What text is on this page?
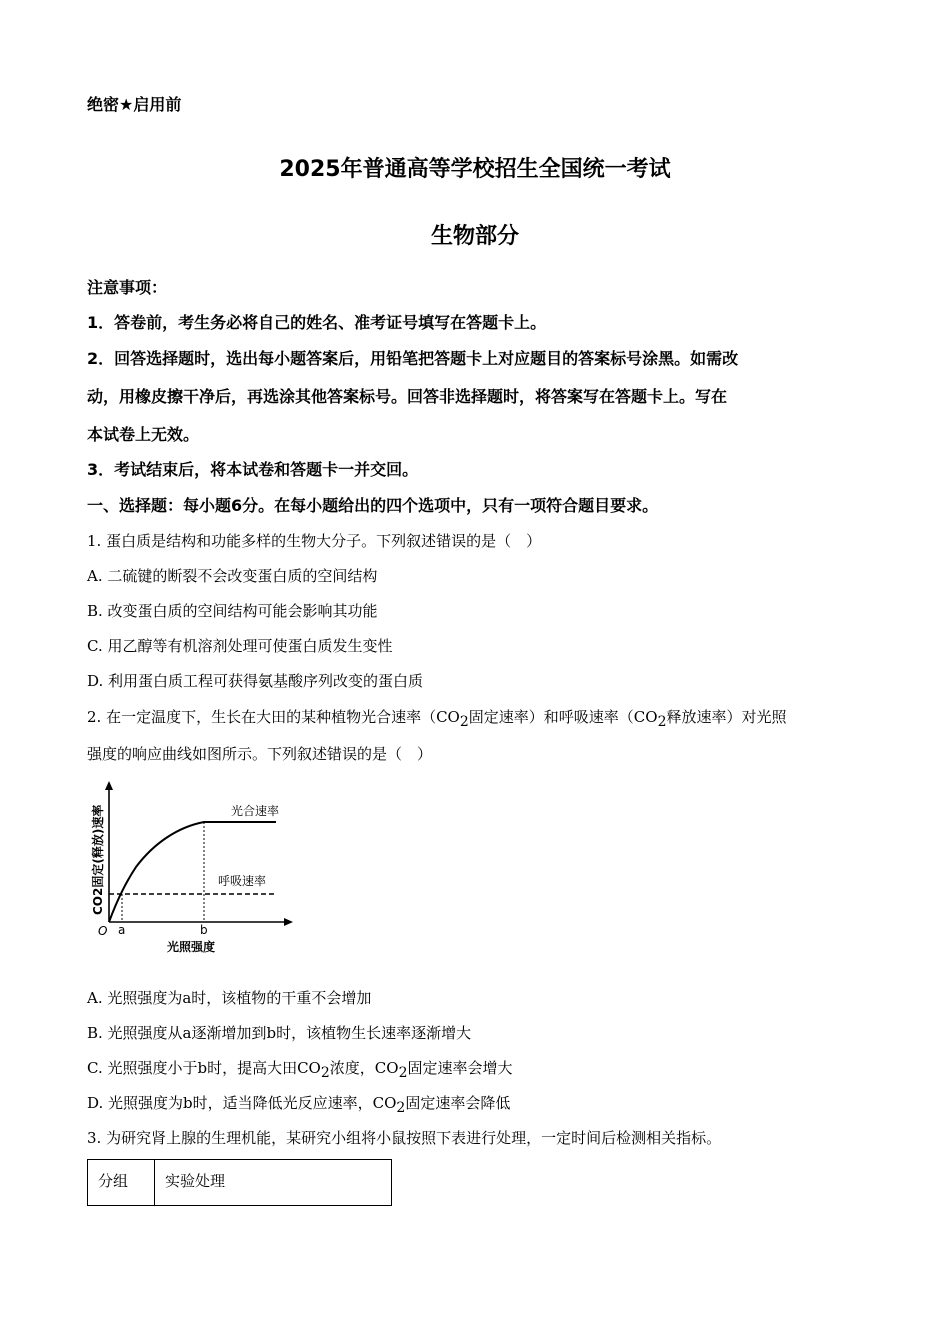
绝密★启用前
2025年普通高等学校招生全国统一考试
生物部分
注意事项：
1．答卷前，考生务必将自己的姓名、准考证号填写在答题卡上。
2．回答选择题时，选出每小题答案后，用铅笔把答题卡上对应题目的答案标号涂黑。如需改
动，用橡皮擦干净后，再选涂其他答案标号。回答非选择题时，将答案写在答题卡上。写在
本试卷上无效。
3．考试结束后，将本试卷和答题卡一并交回。
一、选择题：每小题6分。在每小题给出的四个选项中，只有一项符合题目要求。
1. 蛋白质是结构和功能多样的生物大分子。下列叙述错误的是（　）
A. 二硫键的断裂不会改变蛋白质的空间结构
B. 改变蛋白质的空间结构可能会影响其功能
C. 用乙醇等有机溶剂处理可使蛋白质发生变性
D. 利用蛋白质工程可获得氨基酸序列改变的蛋白质
2. 在一定温度下，生长在大田的某种植物光合速率（$CO_2$固定速率）和呼吸速率（$CO_2$释放速率）对光照
强度的响应曲线如图所示。下列叙述错误的是（　）
光合速率
呼吸速率
O a	b
光照强度
CO2固定(释放)速率
A. 光照强度为a时，该植物的干重不会增加
B. 光照强度从a逐渐增加到b时，该植物生长速率逐渐增大
C. 光照强度小于b时，提高大田$CO_2$浓度，$CO_2$固定速率会增大
D. 光照强度为b时，适当降低光反应速率，$CO_2$固定速率会降低
3. 为研究肾上腺的生理机能，某研究小组将小鼠按照下表进行处理，一定时间后检测相关指标。
分组	实验处理
